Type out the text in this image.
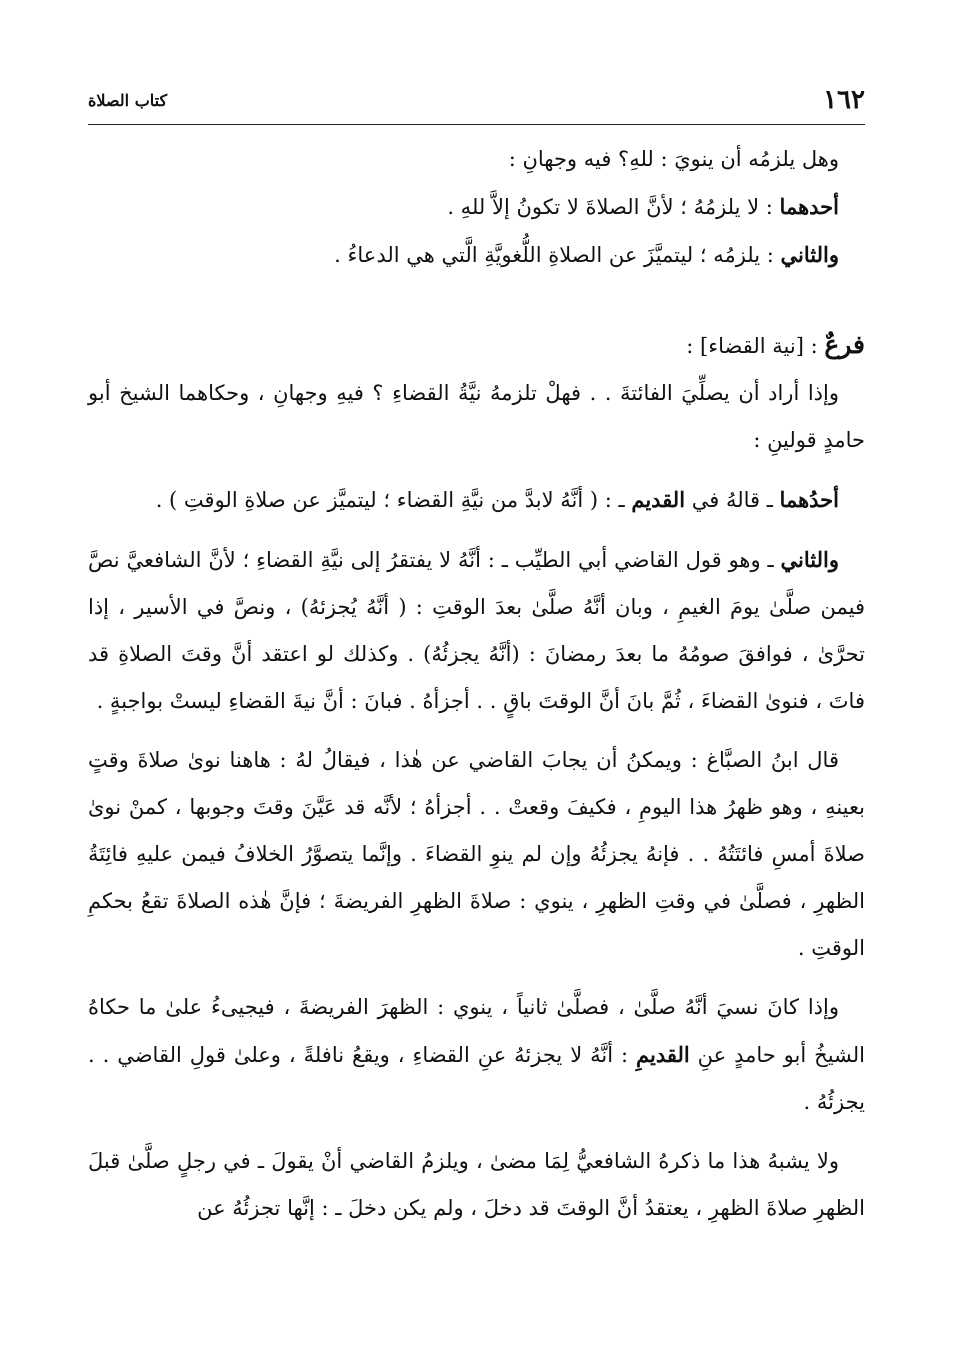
١٦٢
كتاب الصلاة

وهل يلزمُه أن ينويَ : للهِ؟ فيه وجهانِ :

أحدهما : لا يلزمُهُ ؛ لأنَّ الصلاةَ لا تكونُ إلاَّ للهِ .

والثاني : يلزمُه ؛ ليتميَّزَ عن الصلاةِ اللُّغويَّةِ الَّتي هي الدعاءُ .

فرعٌ : [نية القضاء] :

وإذا أراد أن يصلِّيَ الفائتةَ . . فهلْ تلزمهُ نيَّةُ القضاءِ ؟ فيهِ وجهانِ ، وحكاهما الشيخ أبو حامدٍ قولينِ :

أحدُهما ـ قالهُ في القديم ـ : ( أنَّهُ لابدَّ من نيَّةِ القضاء ؛ ليتميَّز عن صلاةِ الوقتِ ) .

والثاني ـ وهو قول القاضي أبي الطيِّب ـ : أنَّهُ لا يفتقرُ إلى نيَّةِ القضاءِ ؛ لأنَّ الشافعيَّ نصَّ فيمن صلَّىٰ يومَ الغيمِ ، وبان أنَّهُ صلَّىٰ بعدَ الوقتِ : ( أنَّهُ يُجزئهُ) ، ونصَّ في الأسير ، إذا تحرَّىٰ ، فوافقَ صومُهُ ما بعدَ رمضانَ : (أنَّهُ يجزئُهُ) . وكذلك لو اعتقد أنَّ وقتَ الصلاةِ قد فاتَ ، فنوىٰ القضاءَ ، ثُمَّ بانَ أنَّ الوقتَ باقٍ . . أجزأهُ . فبانَ : أنَّ نيةَ القضاءِ ليستْ بواجبةٍ .

قال ابنُ الصبَّاغ : ويمكنُ أن يجابَ القاضي عن هٰذا ، فيقالُ لهُ : هاهنا نوىٰ صلاةَ وقتٍ بعينهِ ، وهو ظهرُ هذا اليومِ ، فكيفَ وقعتْ . . أجزأهُ ؛ لأنَّه قد عَيَّنَ وقتَ وجوبها ، كمنْ نوىٰ صلاةَ أمسِ فائتَتُهُ . . فإنهُ يجزئُهُ وإن لم ينوِ القضاءَ . وإنَّما يتصوَّرُ الخلافُ فيمن عليهِ فائِتَةُ الظهرِ ، فصلَّىٰ في وقتِ الظهرِ ، ينوي : صلاةَ الظهرِ الفريضةَ ؛ فإنَّ هٰذه الصلاةَ تقعُ بحكمِ الوقتِ .

وإذا كانَ نسيَ أنَّهُ صلَّىٰ ، فصلَّىٰ ثانياً ، ينوي : الظهرَ الفريضةَ ، فيجيىءُ علىٰ ما حكاهُ الشيخُ أبو حامدٍ عنِ القديمِ : أنَّهُ لا يجزئهُ عنِ القضاءِ ، ويقعُ نافلةً ، وعلىٰ قولِ القاضي . . يجزئُهُ .

ولا يشبهُ هذا ما ذكرهُ الشافعيُّ لِمَا مضىٰ ، ويلزمُ القاضي أنْ يقولَ ـ في رجلٍ صلَّىٰ قبلَ الظهرِ صلاةَ الظهرِ ، يعتقدُ أنَّ الوقتَ قد دخلَ ، ولم يكن دخلَ ـ : إنَّها تجزئُهُ عن
